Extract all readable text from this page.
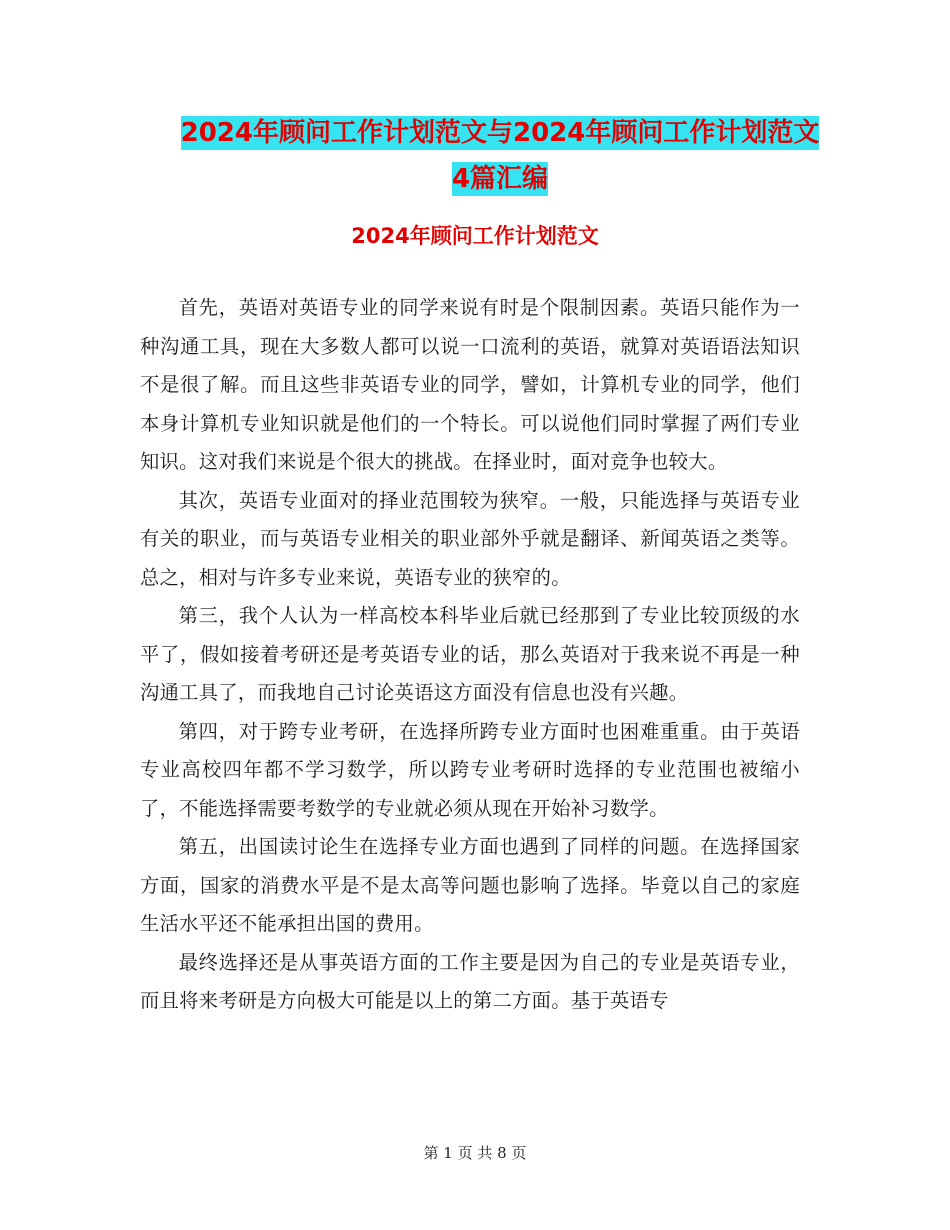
2024年顾问工作计划范文与2024年顾问工作计划范文
4篇汇编
2024年顾问工作计划范文

首先，英语对英语专业的同学来说有时是个限制因素。英语只能作为一种沟通工具，现在大多数人都可以说一口流利的英语，就算对英语语法知识不是很了解。而且这些非英语专业的同学，譬如，计算机专业的同学，他们本身计算机专业知识就是他们的一个特长。可以说他们同时掌握了两们专业知识。这对我们来说是个很大的挑战。在择业时，面对竞争也较大。

其次，英语专业面对的择业范围较为狭窄。一般，只能选择与英语专业有关的职业，而与英语专业相关的职业部外乎就是翻译、新闻英语之类等。总之，相对与许多专业来说，英语专业的狭窄的。

第三，我个人认为一样高校本科毕业后就已经那到了专业比较顶级的水平了，假如接着考研还是考英语专业的话，那么英语对于我来说不再是一种沟通工具了，而我地自己讨论英语这方面没有信息也没有兴趣。

第四，对于跨专业考研，在选择所跨专业方面时也困难重重。由于英语专业高校四年都不学习数学，所以跨专业考研时选择的专业范围也被缩小了，不能选择需要考数学的专业就必须从现在开始补习数学。

第五，出国读讨论生在选择专业方面也遇到了同样的问题。在选择国家方面，国家的消费水平是不是太高等问题也影响了选择。毕竟以自己的家庭生活水平还不能承担出国的费用。

最终选择还是从事英语方面的工作主要是因为自己的专业是英语专业，而且将来考研是方向极大可能是以上的第二方面。基于英语专

第 1 页 共 8 页
